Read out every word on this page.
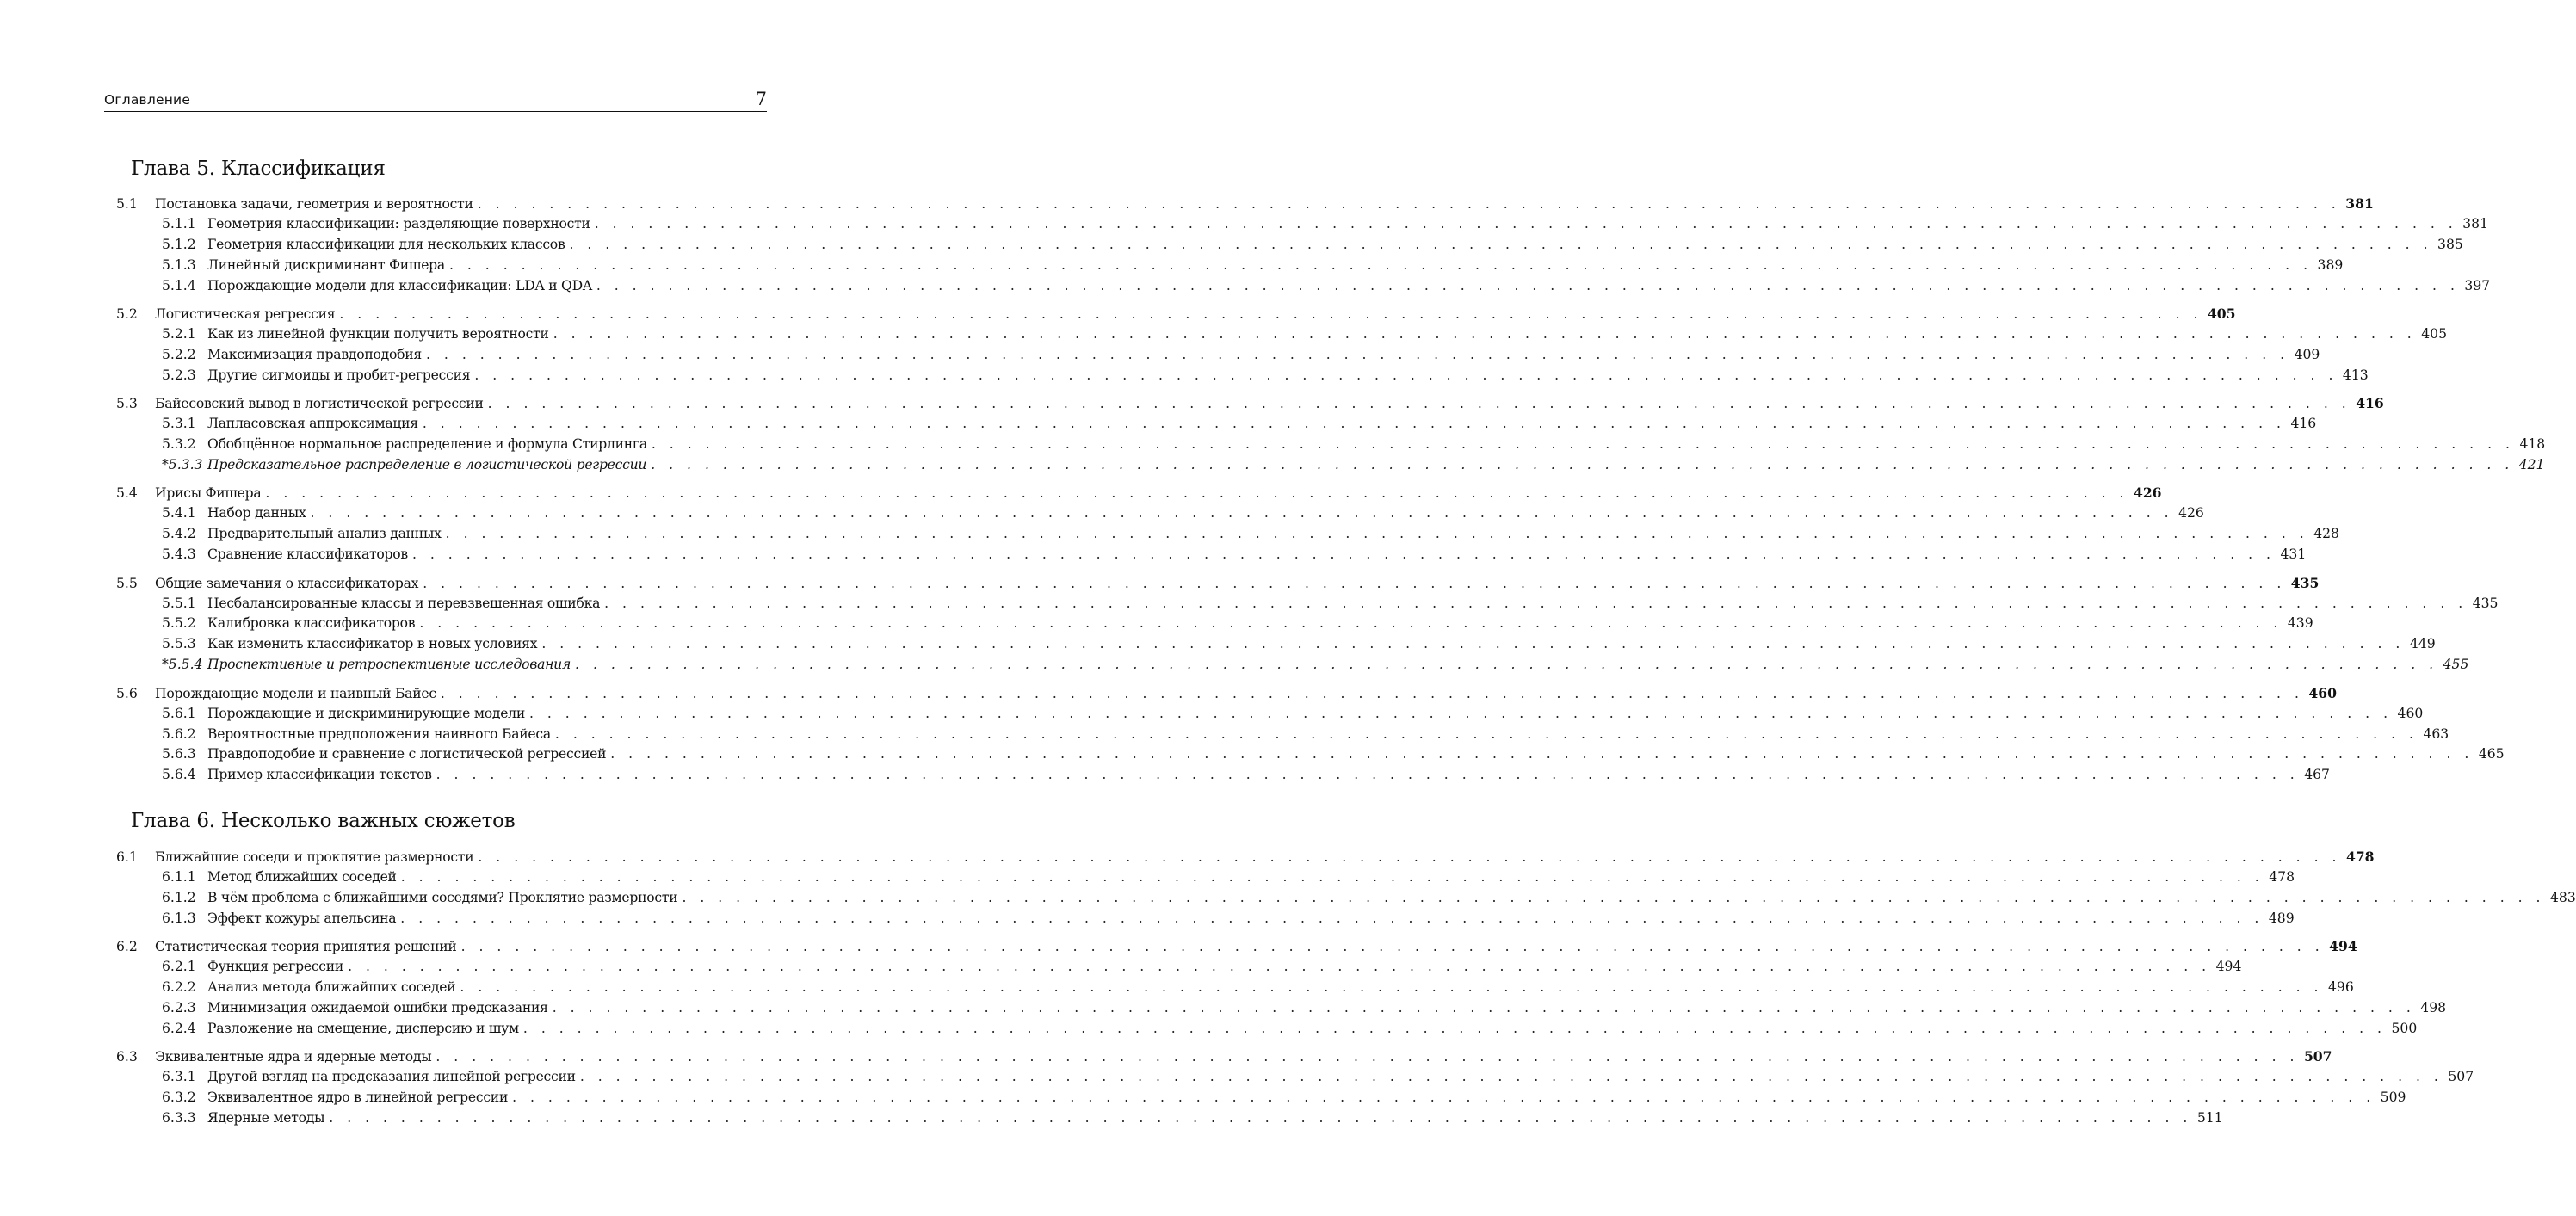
Оглавление	7
Глава 5. Классификация
5.1	Постановка задачи, геометрия и вероятности . . .	381
5.1.1 Геометрия классификации: разделяющие поверхности . . .	381
5.1.2 Геометрия классификации для нескольких классов . . .	385
5.1.3 Линейный дискриминант Фишера . . .	389
5.1.4 Порождающие модели для классификации: LDA и QDA . . .	397
5.2	Логистическая регрессия . . .	405
5.2.1 Как из линейной функции получить вероятности . . .	405
5.2.2 Максимизация правдоподобия . . .	409
5.2.3 Другие сигмоиды и пробит-регрессия . . .	413
5.3	Байесовский вывод в логистической регрессии . . .	416
5.3.1 Лапласовская аппроксимация . . .	416
5.3.2 Обобщённое нормальное распределение и формула Стирлинга . . .	418
*5.3.3 Предсказательное распределение в логистической регрессии . . .	421
5.4	Ирисы Фишера . . .	426
5.4.1 Набор данных . . .	426
5.4.2 Предварительный анализ данных . . .	428
5.4.3 Сравнение классификаторов . . .	431
5.5	Общие замечания о классификаторах . . .	435
5.5.1 Несбалансированные классы и перевзвешенная ошибка . . .	435
5.5.2 Калибровка классификаторов . . .	439
5.5.3 Как изменить классификатор в новых условиях . . .	449
*5.5.4 Проспективные и ретроспективные исследования . . .	455
5.6	Порождающие модели и наивный Байес . . .	460
5.6.1 Порождающие и дискриминирующие модели . . .	460
5.6.2 Вероятностные предположения наивного Байеса . . .	463
5.6.3 Правдоподобие и сравнение с логистической регрессией . . .	465
5.6.4 Пример классификации текстов . . .	467
Глава 6. Несколько важных сюжетов
6.1	Ближайшие соседи и проклятие размерности . . .	478
6.1.1 Метод ближайших соседей . . .	478
6.1.2 В чём проблема с ближайшими соседями? Проклятие размерности . . .	483
6.1.3 Эффект кожуры апельсина . . .	489
6.2	Статистическая теория принятия решений . . .	494
6.2.1 Функция регрессии . . .	494
6.2.2 Анализ метода ближайших соседей . . .	496
6.2.3 Минимизация ожидаемой ошибки предсказания . . .	498
6.2.4 Разложение на смещение, дисперсию и шум . . .	500
6.3	Эквивалентные ядра и ядерные методы . . .	507
6.3.1 Другой взгляд на предсказания линейной регрессии . . .	507
6.3.2 Эквивалентное ядро в линейной регрессии . . .	509
6.3.3 Ядерные методы . . .	511
